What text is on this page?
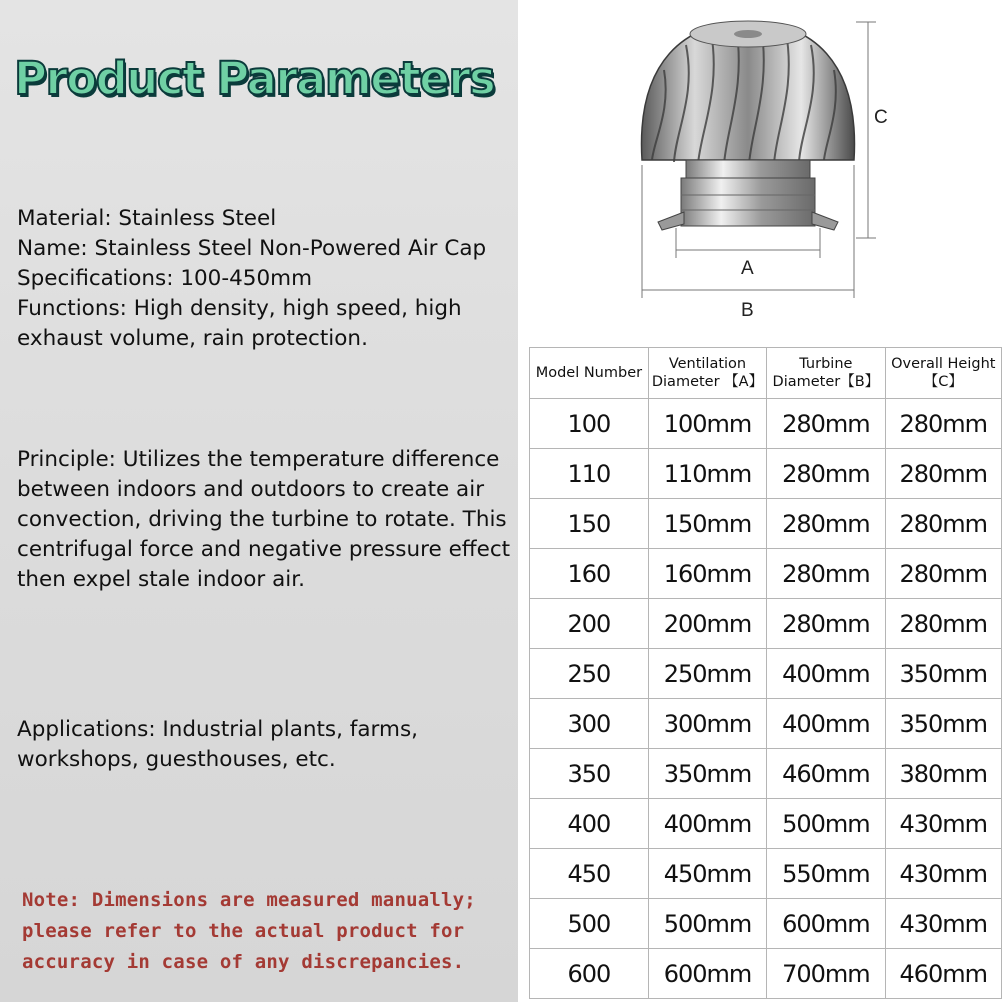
Product Parameters
Material: Stainless Steel
Name: Stainless Steel Non-Powered Air Cap
Specifications: 100-450mm
Functions: High density, high speed, high exhaust volume, rain protection.
Principle: Utilizes the temperature difference between indoors and outdoors to create air convection, driving the turbine to rotate. This centrifugal force and negative pressure effect then expel stale indoor air.
Applications: Industrial plants, farms, workshops, guesthouses, etc.
Note: Dimensions are measured manually; please refer to the actual product for accuracy in case of any discrepancies.
A
B
C
Model Number	Ventilation Diameter 【A】	Turbine Diameter【B】	Overall Height 【C】
100	100mm	280mm	280mm
110	110mm	280mm	280mm
150	150mm	280mm	280mm
160	160mm	280mm	280mm
200	200mm	280mm	280mm
250	250mm	400mm	350mm
300	300mm	400mm	350mm
350	350mm	460mm	380mm
400	400mm	500mm	430mm
450	450mm	550mm	430mm
500	500mm	600mm	430mm
600	600mm	700mm	460mm
